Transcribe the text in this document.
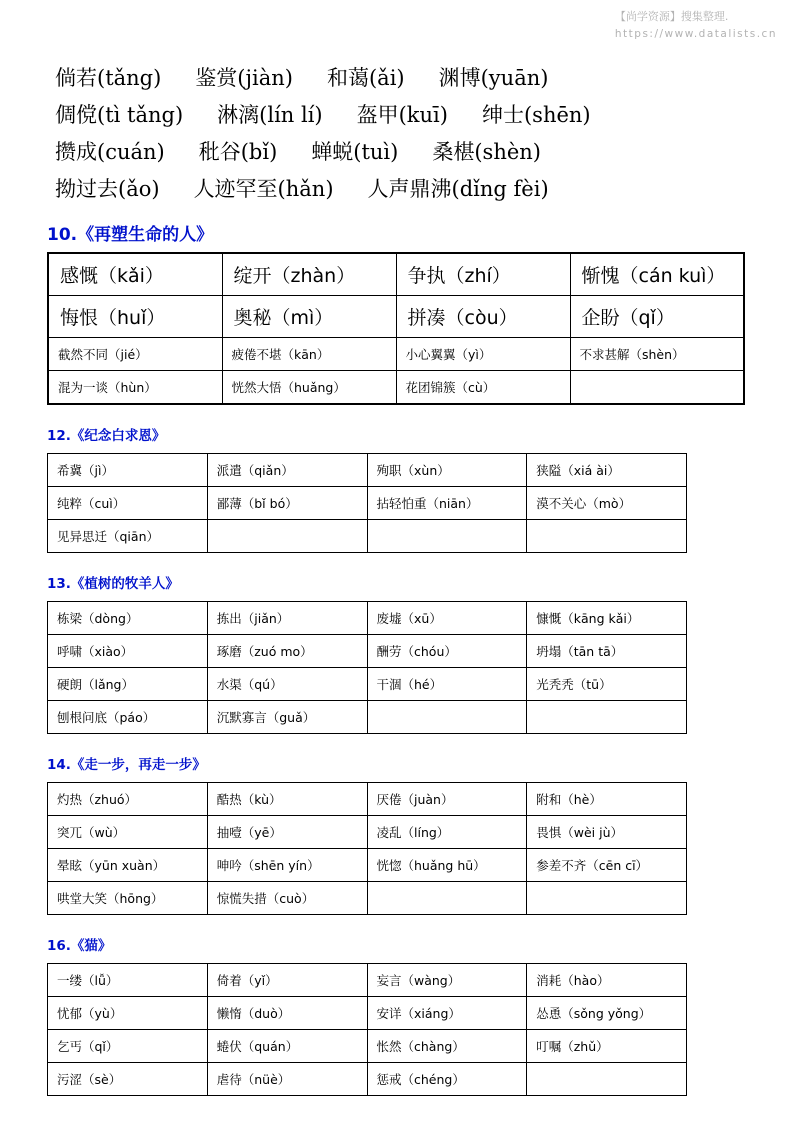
【尚学资源】搜集整理.
https://www.datalists.cn
倘若(tǎng) 鉴赏(jiàn) 和蔼(ǎi) 渊博(yuān)
倜傥(tì tǎng) 淋漓(lín lí) 盔甲(kuī) 绅士(shēn)
攒成(cuán) 秕谷(bǐ) 蝉蜕(tuì) 桑椹(shèn)
拗过去(ǎo) 人迹罕至(hǎn) 人声鼎沸(dǐng fèi)
10.《再塑生命的人》
感慨（kǎi）	绽开（zhàn）	争执（zhí）	惭愧（cán kuì）
悔恨（huǐ）	奥秘（mì）	拼凑（còu）	企盼（qǐ）
截然不同（jié）	疲倦不堪（kān）	小心翼翼（yì）	不求甚解（shèn）
混为一谈（hùn）	恍然大悟（huǎng）	花团锦簇（cù）	
12.《纪念白求恩》
希冀（jì）	派遣（qiǎn）	殉职（xùn）	狭隘（xiá ài）
纯粹（cuì）	鄙薄（bǐ bó）	拈轻怕重（niān）	漠不关心（mò）
见异思迁（qiān）			
13.《植树的牧羊人》
栋梁（dòng）	拣出（jiǎn）	废墟（xū）	慷慨（kāng kǎi）
呼啸（xiào）	琢磨（zuó mo）	酬劳（chóu）	坍塌（tān tā）
硬朗（lǎng）	水渠（qú）	干涸（hé）	光秃秃（tū）
刨根问底（páo）	沉默寡言（guǎ）		
14.《走一步，再走一步》
灼热（zhuó）	酷热（kù）	厌倦（juàn）	附和（hè）
突兀（wù）	抽噎（yē）	凌乱（líng）	畏惧（wèi jù）
晕眩（yūn xuàn）	呻吟（shēn yín）	恍惚（huǎng hū）	参差不齐（cēn cī）
哄堂大笑（hōng）	惊慌失措（cuò）		
16.《猫》
一缕（lǚ）	倚着（yǐ）	妄言（wàng）	消耗（hào）
忧郁（yù）	懒惰（duò）	安详（xiáng）	怂恿（sǒng yǒng）
乞丐（qǐ）	蜷伏（quán）	怅然（chàng）	叮嘱（zhǔ）
污涩（sè）	虐待（nüè）	惩戒（chéng）	
